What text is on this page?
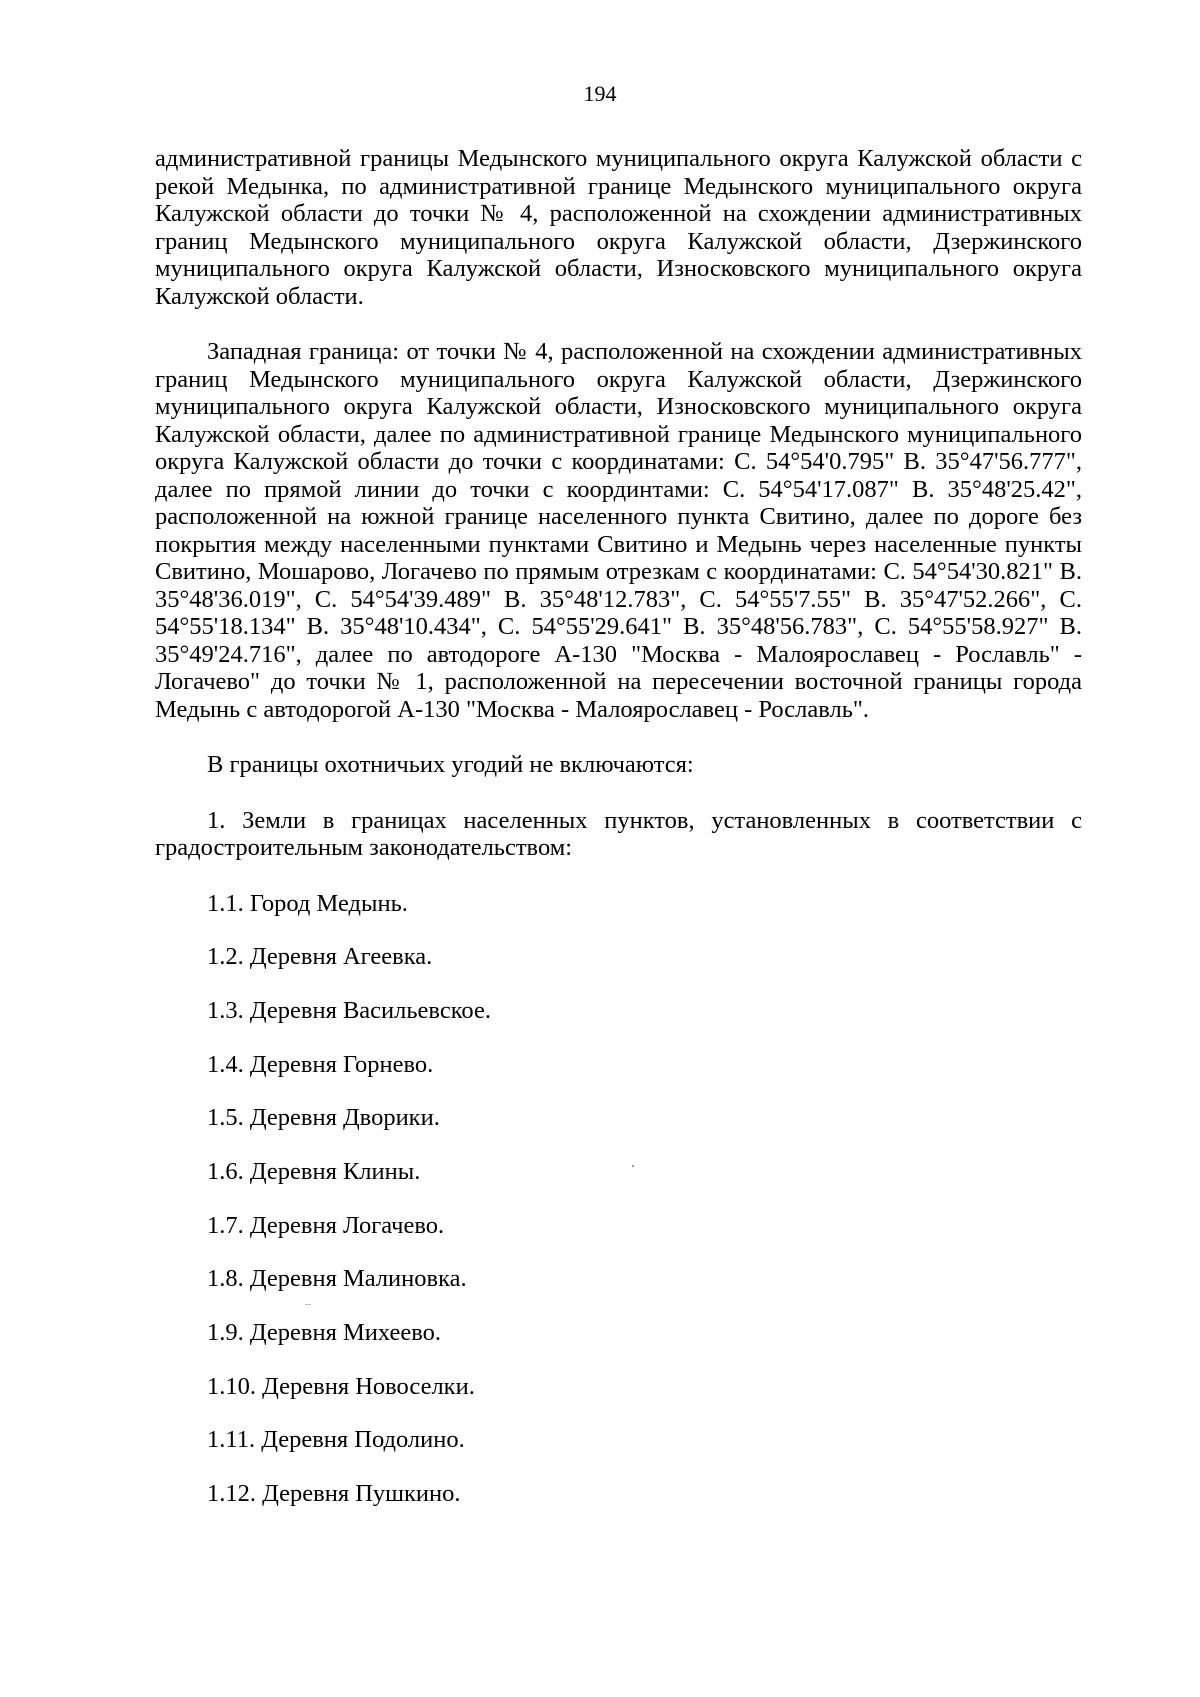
194

административной границы Медынского муниципального округа Калужской области с рекой Медынка, по административной границе Медынского муниципального округа Калужской области до точки № 4, расположенной на схождении административных границ Медынского муниципального округа Калужской области, Дзержинского муниципального округа Калужской области, Износковского муниципального округа Калужской области.

Западная граница: от точки № 4, расположенной на схождении административных границ Медынского муниципального округа Калужской области, Дзержинского муниципального округа Калужской области, Износковского муниципального округа Калужской области, далее по административной границе Медынского муниципального округа Калужской области до точки с координатами: С. 54°54'0.795" В. 35°47'56.777", далее по прямой линии до точки с координтами: С. 54°54'17.087" В. 35°48'25.42", расположенной на южной границе населенного пункта Свитино, далее по дороге без покрытия между населенными пунктами Свитино и Медынь через населенные пункты Свитино, Мошарово, Логачево по прямым отрезкам с координатами: С. 54°54'30.821" В. 35°48'36.019", С. 54°54'39.489" В. 35°48'12.783", С. 54°55'7.55" В. 35°47'52.266", С. 54°55'18.134" В. 35°48'10.434", С. 54°55'29.641" В. 35°48'56.783", С. 54°55'58.927" В. 35°49'24.716", далее по автодороге А-130 "Москва - Малоярославец - Рославль" - Логачево" до точки № 1, расположенной на пересечении восточной границы города Медынь с автодорогой А-130 "Москва - Малоярославец - Рославль".

В границы охотничьих угодий не включаются:

1. Земли в границах населенных пунктов, установленных в соответствии с градостроительным законодательством:

1.1. Город Медынь.
1.2. Деревня Агеевка.
1.3. Деревня Васильевское.
1.4. Деревня Горнево.
1.5. Деревня Дворики.
1.6. Деревня Клины.
1.7. Деревня Логачево.
1.8. Деревня Малиновка.
1.9. Деревня Михеево.
1.10. Деревня Новоселки.
1.11. Деревня Подолино.
1.12. Деревня Пушкино.
